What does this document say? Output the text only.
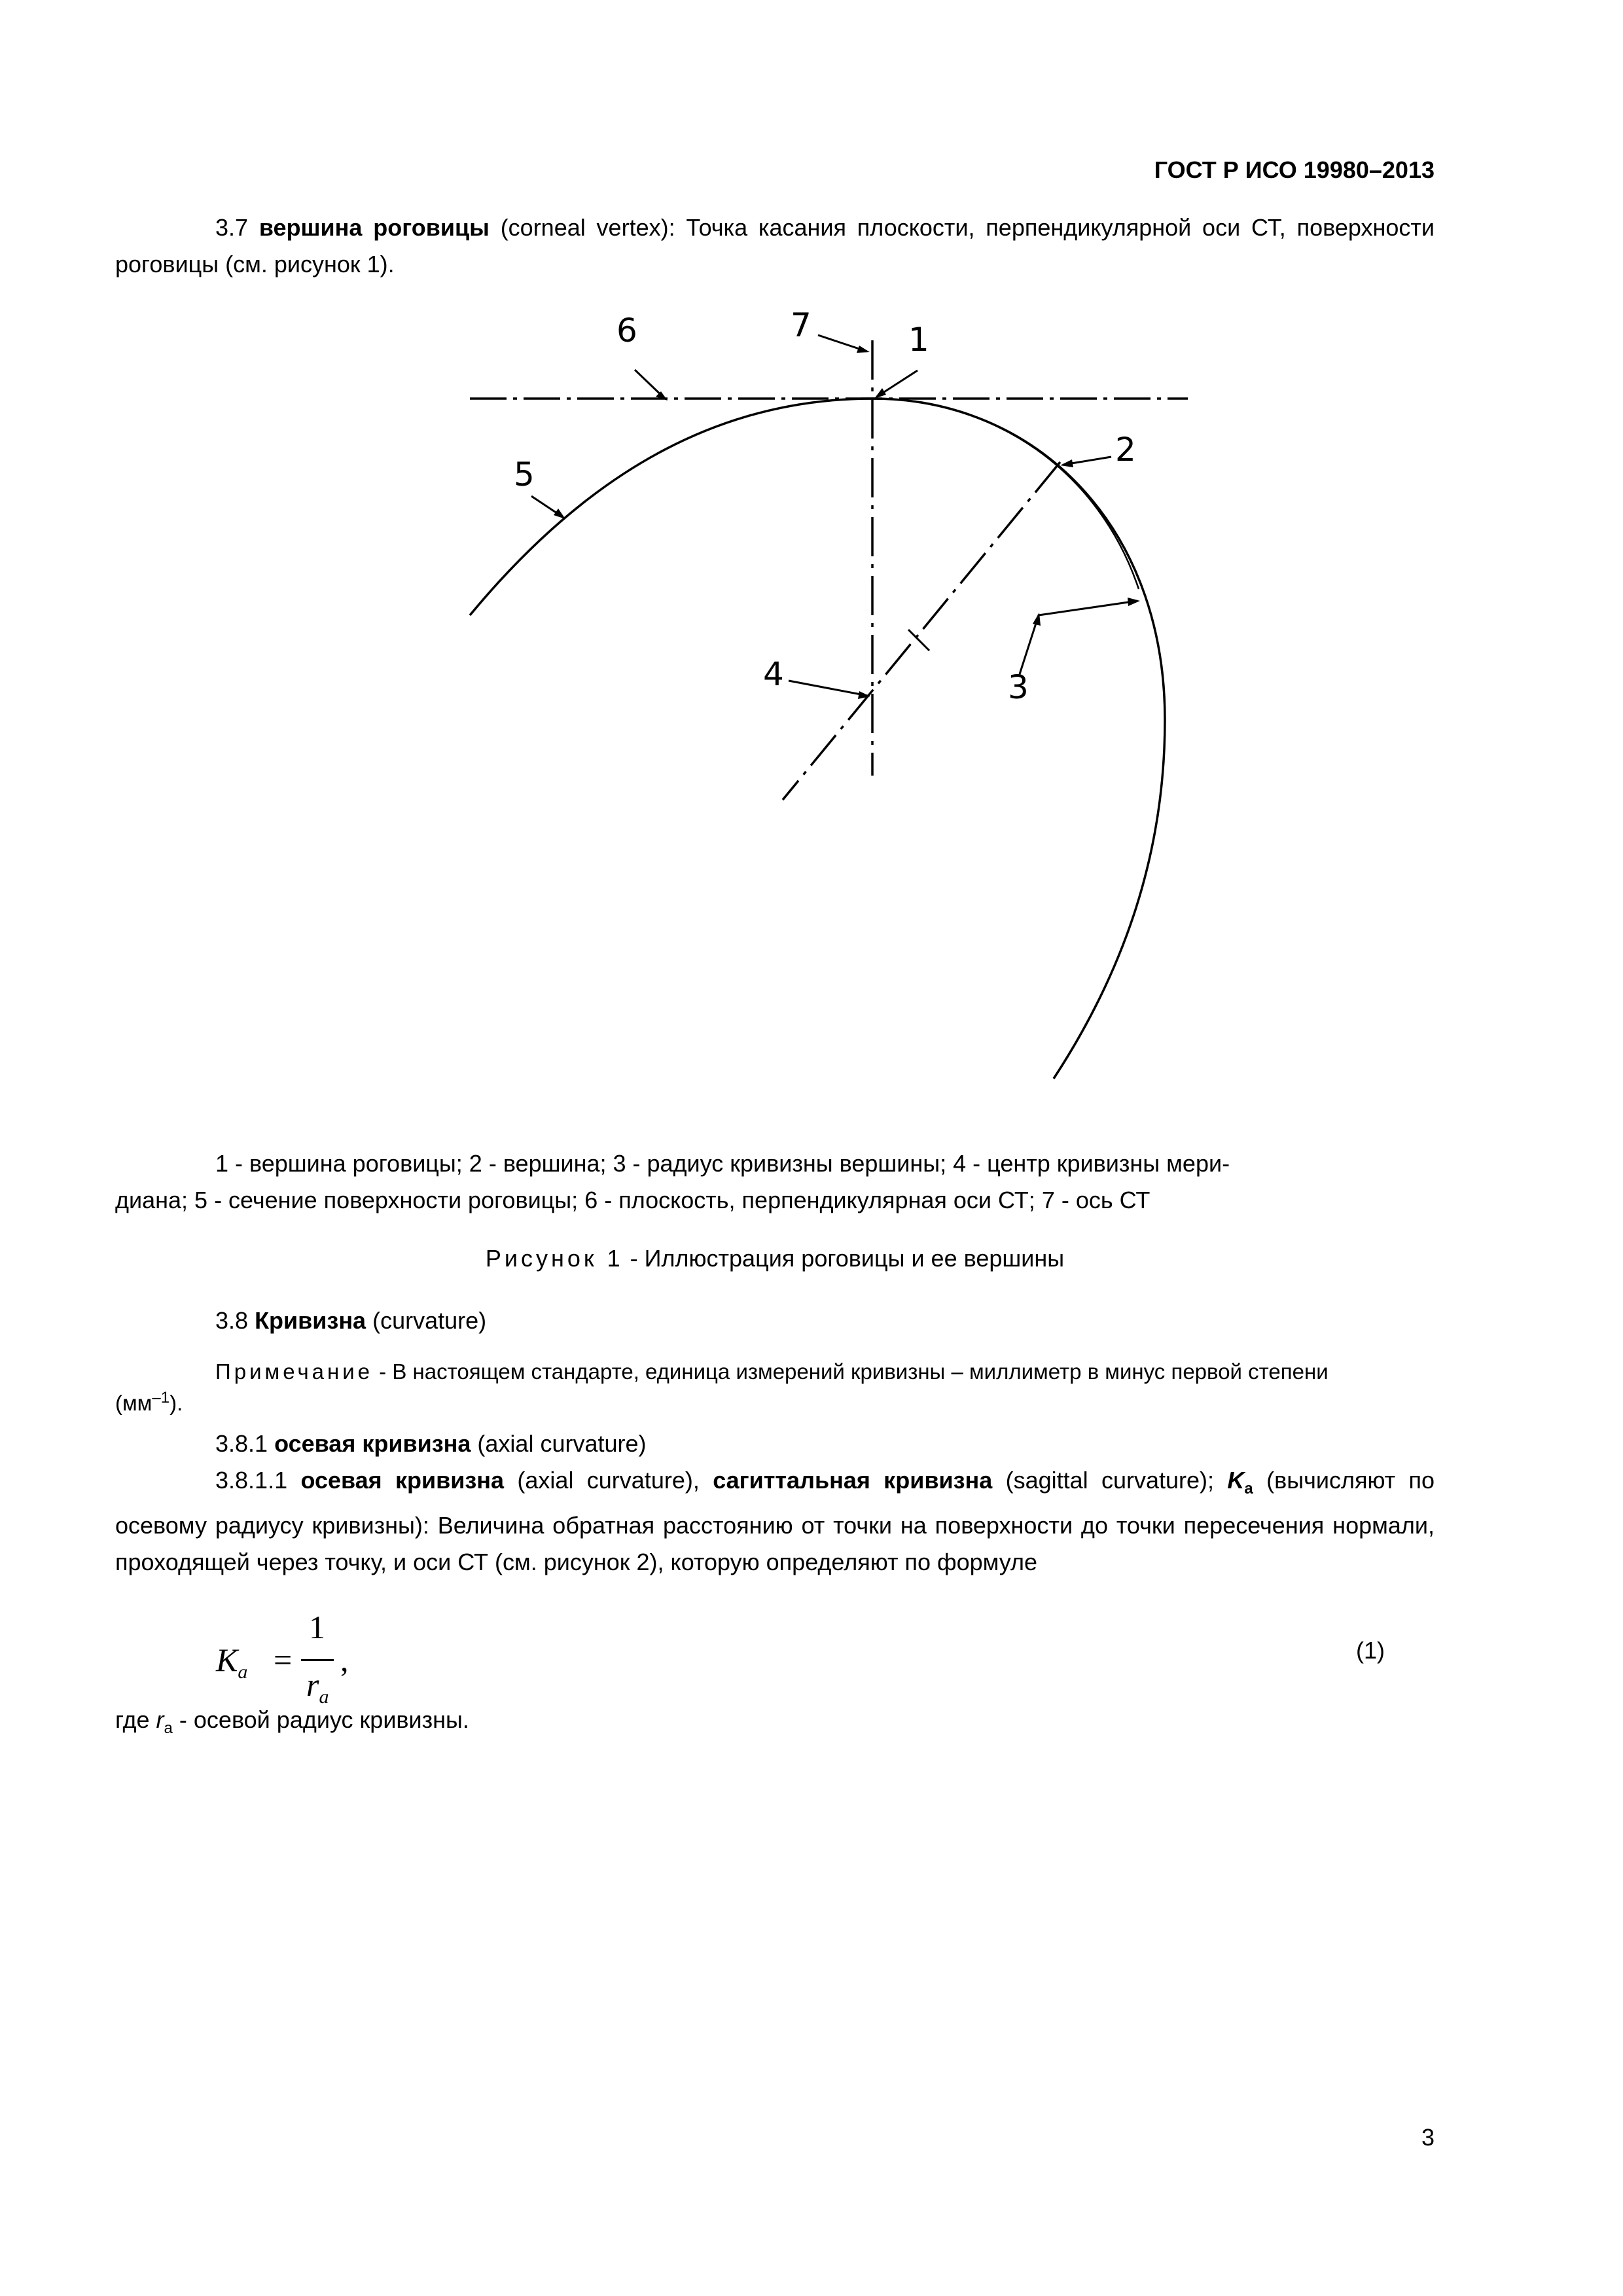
ГОСТ Р ИСО 19980–2013

3.7 вершина роговицы (corneal vertex): Точка касания плоскости, перпендикулярной оси СТ, поверхности роговицы (см. рисунок 1).

6	7	1
2
5
4	3
1 - вершина роговицы; 2 - вершина; 3 - радиус кривизны вершины; 4 - центр кривизны мери-
диана; 5 - сечение поверхности роговицы; 6 - плоскость, перпендикулярная оси СТ; 7 - ось СТ
Рисунок 1 - Иллюстрация роговицы и ее вершины
3.8 Кривизна (curvature)
Примечание - В настоящем стандарте, единица измерений кривизны – миллиметр в минус первой степени
$(мм^{-1})$.
3.8.1 осевая кривизна (axial curvature)

3.8.1.1 осевая кривизна (axial curvature), сагиттальная кривизна (sagittal curvature); $K_a$ (вычисляют по осевому радиусу кривизны): Величина обратная расстоянию от точки на поверхности до точки пересечения нормали, проходящей через точку, и оси СТ (см. рисунок 2), которую определяют по формуле

$K_a$ =
1
$r_a$
,	(1)
где $r_a$ - осевой радиус кривизны.
3
